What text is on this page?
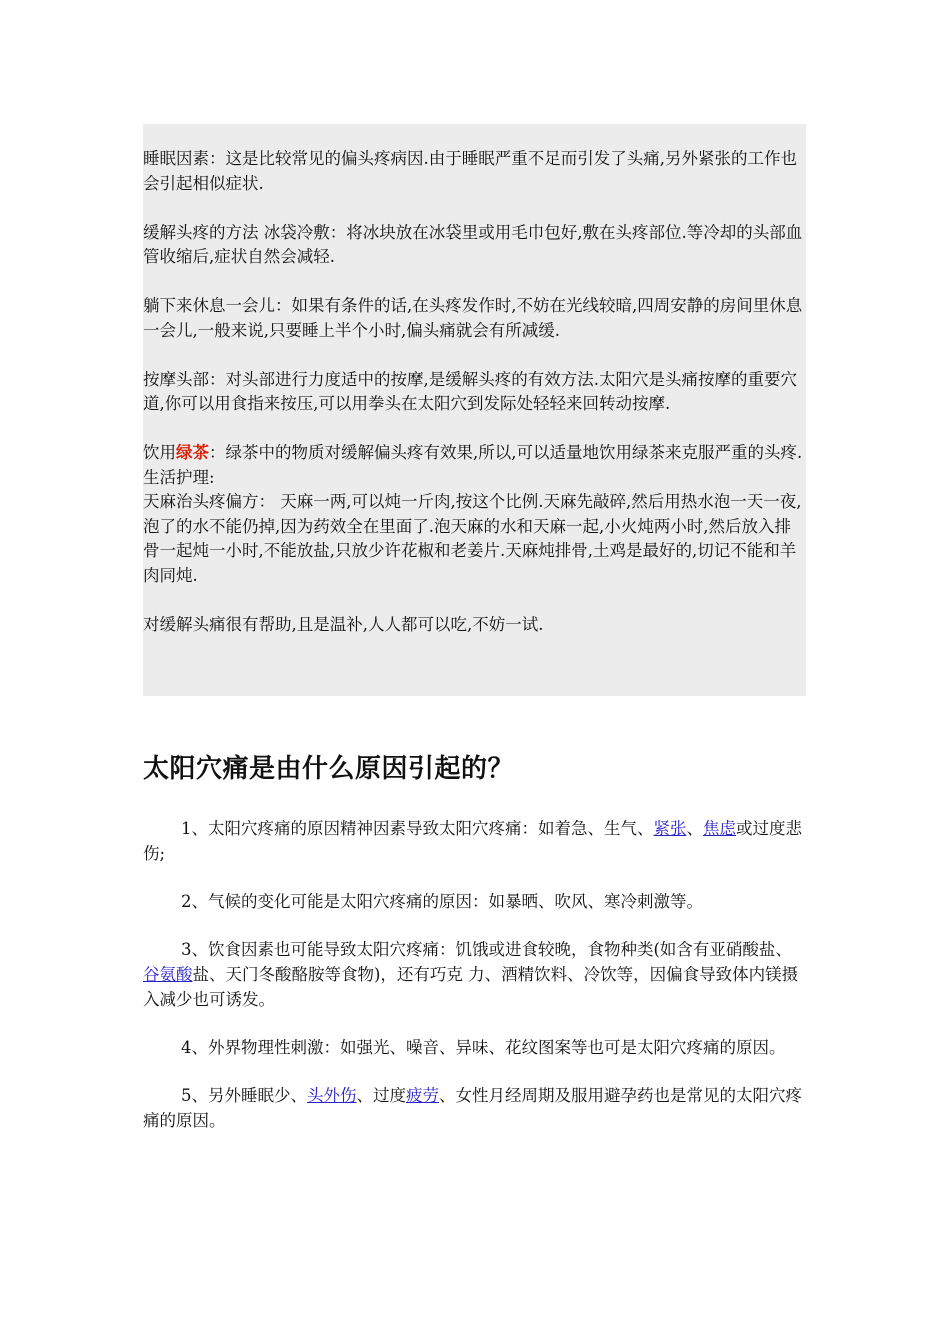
睡眠因素：这是比较常见的偏头疼病因.由于睡眠严重不足而引发了头痛,另外紧张的工作也会引起相似症状.

缓解头疼的方法 冰袋冷敷：将冰块放在冰袋里或用毛巾包好,敷在头疼部位.等冷却的头部血管收缩后,症状自然会减轻.

躺下来休息一会儿：如果有条件的话,在头疼发作时,不妨在光线较暗,四周安静的房间里休息一会儿,一般来说,只要睡上半个小时,偏头痛就会有所减缓.

按摩头部：对头部进行力度适中的按摩,是缓解头疼的有效方法.太阳穴是头痛按摩的重要穴道,你可以用食指来按压,可以用拳头在太阳穴到发际处轻轻来回转动按摩.

饮用绿茶：绿茶中的物质对缓解偏头疼有效果,所以,可以适量地饮用绿茶来克服严重的头疼.

生活护理:

天麻治头疼偏方： 天麻一两,可以炖一斤肉,按这个比例.天麻先敲碎,然后用热水泡一天一夜,泡了的水不能仍掉,因为药效全在里面了.泡天麻的水和天麻一起,小火炖两小时,然后放入排骨一起炖一小时,不能放盐,只放少许花椒和老姜片.天麻炖排骨,土鸡是最好的,切记不能和羊肉同炖.

对缓解头痛很有帮助,且是温补,人人都可以吃,不妨一试.

太阳穴痛是由什么原因引起的？

1、太阳穴疼痛的原因精神因素导致太阳穴疼痛：如着急、生气、紧张、焦虑或过度悲伤;

2、气候的变化可能是太阳穴疼痛的原因：如暴晒、吹风、寒冷刺激等。

3、饮食因素也可能导致太阳穴疼痛：饥饿或进食较晚，食物种类(如含有亚硝酸盐、谷氨酸盐、天门冬酸酪胺等食物)，还有巧克 力、酒精饮料、冷饮等，因偏食导致体内镁摄入减少也可诱发。

4、外界物理性刺激：如强光、噪音、异味、花纹图案等也可是太阳穴疼痛的原因。

5、另外睡眠少、头外伤、过度疲劳、女性月经周期及服用避孕药也是常见的太阳穴疼痛的原因。
